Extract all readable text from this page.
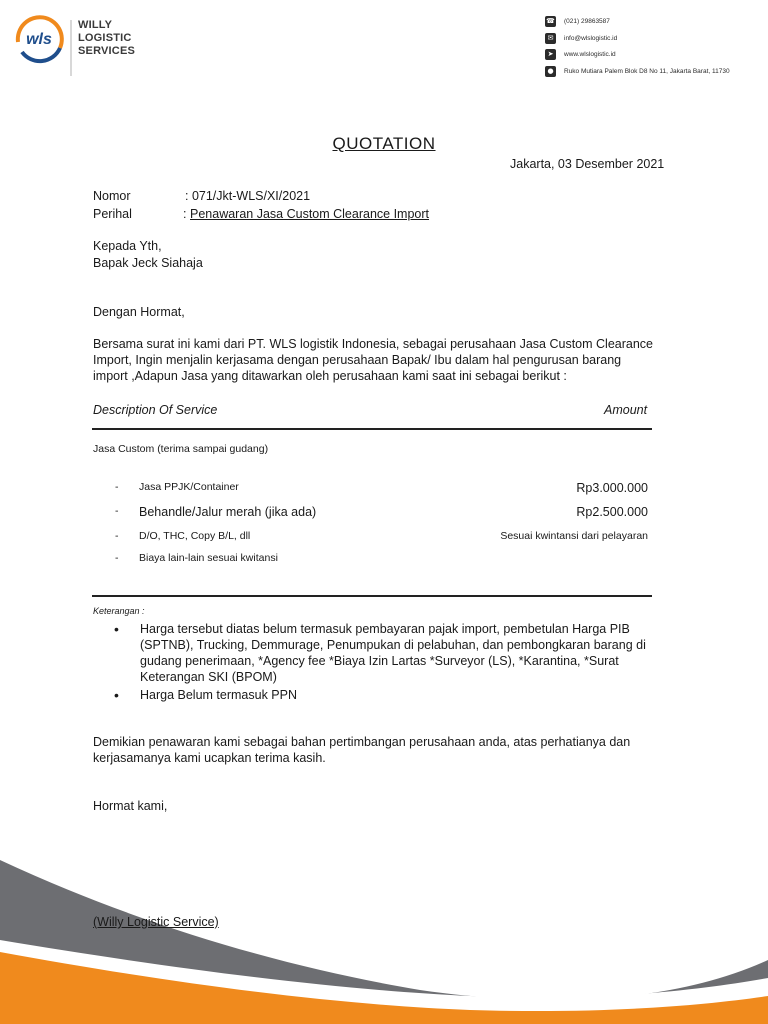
wls
WILLY
LOGISTIC
SERVICES
☎ (021) 29863587
✉	info@wlslogistic.id
➤	www.wlslogistic.id
●	Ruko Mutiara Palem Blok D8 No 11, Jakarta Barat, 11730
QUOTATION
Jakarta, 03 Desember 2021
Nomor	: 071/Jkt-WLS/XI/2021
Perihal	: Penawaran Jasa Custom Clearance Import
Kepada Yth,
Bapak Jeck Siahaja
Dengan Hormat,
Bersama surat ini kami dari PT. WLS logistik Indonesia, sebagai perusahaan Jasa Custom Clearance
Import, Ingin menjalin kerjasama dengan perusahaan Bapak/ Ibu dalam hal pengurusan barang
import ,Adapun Jasa yang ditawarkan oleh perusahaan kami saat ini sebagai berikut :
Description Of Service	Amount
Jasa Custom (terima sampai gudang)
- Jasa PPJK/Container	Rp3.000.000
- Behandle/Jalur merah (jika ada)	Rp2.500.000
- D/O, THC, Copy B/L, dll	Sesuai kwintansi dari pelayaran
- Biaya lain-lain sesuai kwitansi
Keterangan :
• Harga tersebut diatas belum termasuk pembayaran pajak import, pembetulan Harga PIB
(SPTNB), Trucking, Demmurage, Penumpukan di pelabuhan, dan pembongkaran barang di
gudang penerimaan, *Agency fee *Biaya Izin Lartas *Surveyor (LS), *Karantina, *Surat
Keterangan SKI (BPOM)
• Harga Belum termasuk PPN
Demikian penawaran kami sebagai bahan pertimbangan perusahaan anda, atas perhatianya dan
kerjasamanya kami ucapkan terima kasih.
Hormat kami,
(Willy Logistic Service)
